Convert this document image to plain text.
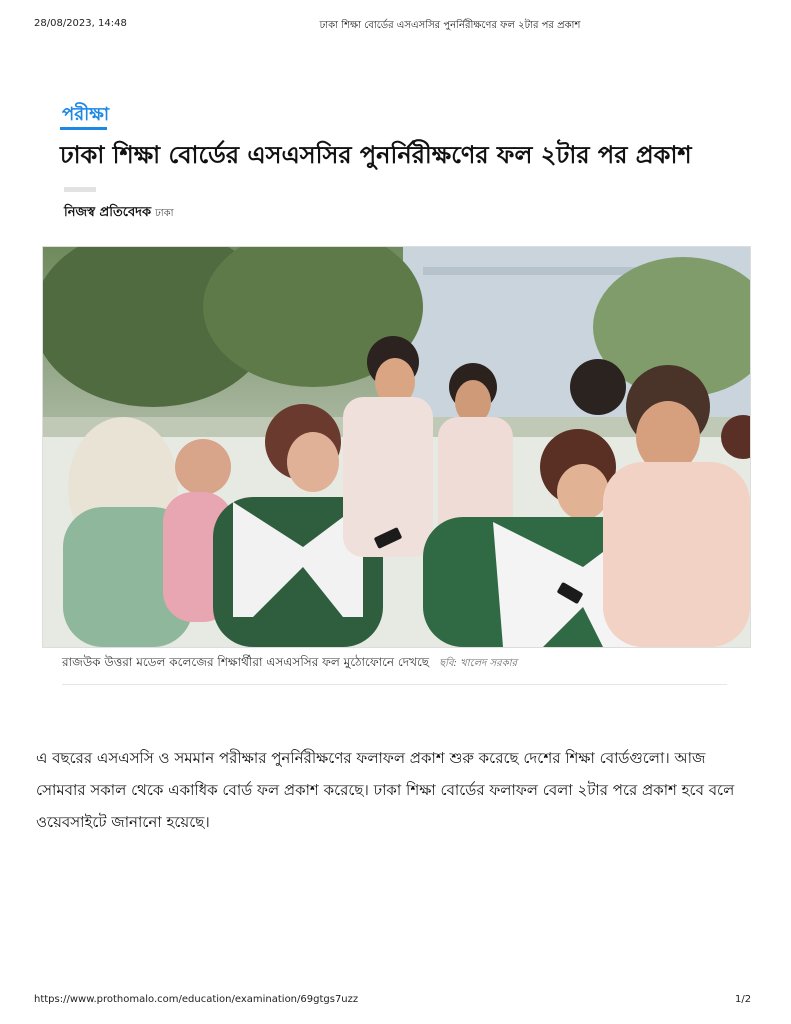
28/08/2023, 14:48	ঢাকা শিক্ষা বোর্ডের এসএসসির পুনর্নিরীক্ষণের ফল ২টার পর প্রকাশ
পরীক্ষা
ঢাকা শিক্ষা বোর্ডের এসএসসির পুনর্নিরীক্ষণের ফল ২টার পর প্রকাশ
নিজস্ব প্রতিবেদক ঢাকা
রাজউক উত্তরা মডেল কলেজের শিক্ষার্থীরা এসএসসির ফল মুঠোফোনে দেখছে ছবি: খালেদ সরকার

এ বছরের এসএসসি ও সমমান পরীক্ষার পুনর্নিরীক্ষণের ফলাফল প্রকাশ শুরু করেছে দেশের শিক্ষা বোর্ডগুলো। আজ সোমবার সকাল থেকে একাধিক বোর্ড ফল প্রকাশ করেছে। ঢাকা শিক্ষা বোর্ডের ফলাফল বেলা ২টার পরে প্রকাশ হবে বলে ওয়েবসাইটে জানানো হয়েছে।

https://www.prothomalo.com/education/examination/69gtgs7uzz	1/2
